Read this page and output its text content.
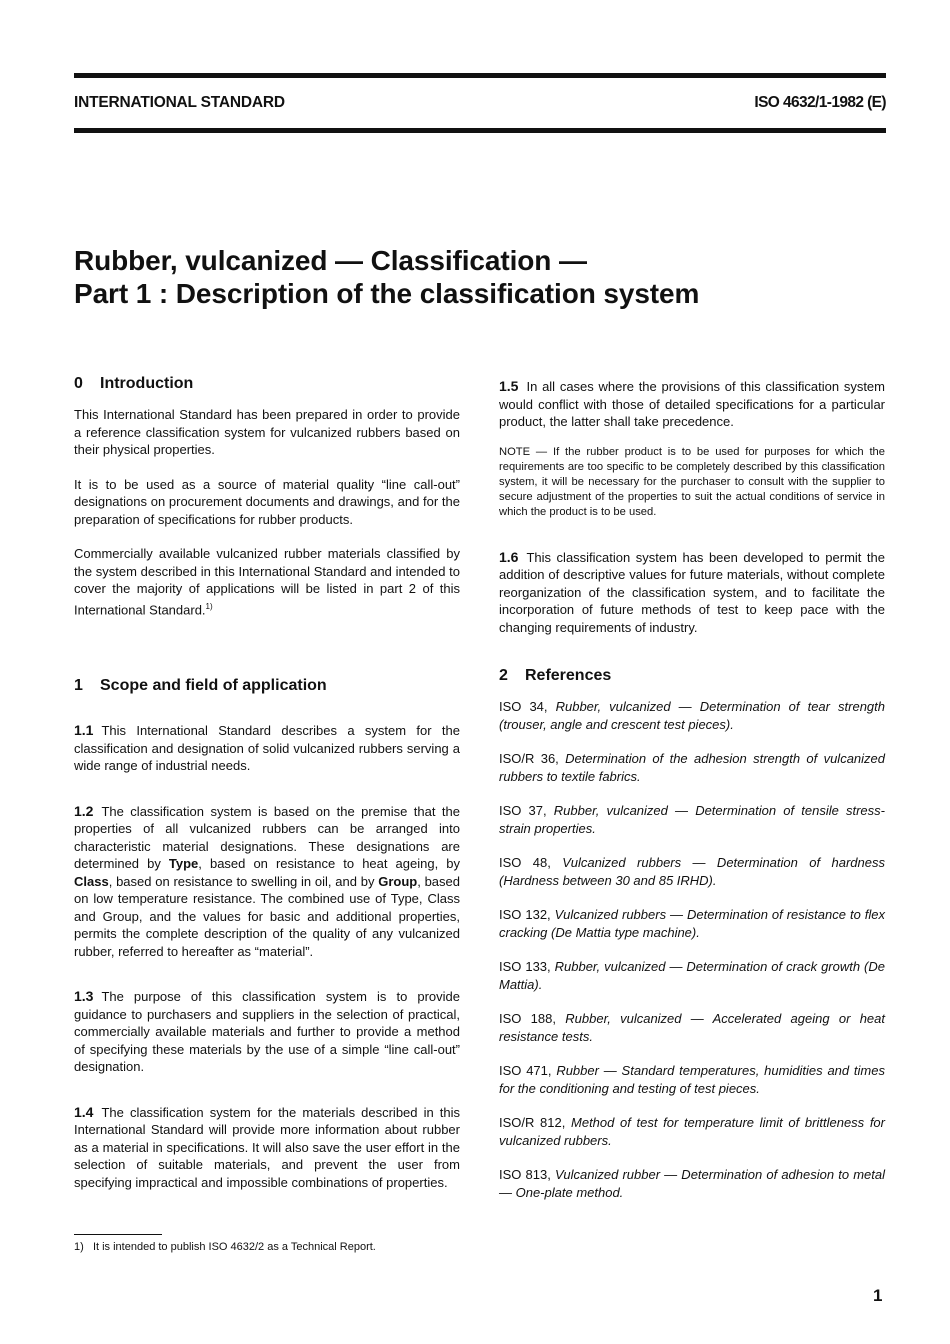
INTERNATIONAL STANDARD	ISO 4632/1-1982 (E)
Rubber, vulcanized — Classification —
Part 1 : Description of the classification system
0 Introduction

This International Standard has been prepared in order to provide a reference classification system for vulcanized rubbers based on their physical properties.

It is to be used as a source of material quality “line call-out” designations on procurement documents and drawings, and for the preparation of specifications for rubber products.

Commercially available vulcanized rubber materials classified by the system described in this International Standard and intended to cover the majority of applications will be listed in part 2 of this International Standard.$^{1)}$

1 Scope and field of application

1.1 This International Standard describes a system for the classification and designation of solid vulcanized rubbers serving a wide range of industrial needs.

1.2 The classification system is based on the premise that the properties of all vulcanized rubbers can be arranged into characteristic material designations. These designations are determined by Type, based on resistance to heat ageing, by Class, based on resistance to swelling in oil, and by Group, based on low temperature resistance. The combined use of Type, Class and Group, and the values for basic and additional properties, permits the complete description of the quality of any vulcanized rubber, referred to hereafter as “material”.

1.3 The purpose of this classification system is to provide guidance to purchasers and suppliers in the selection of practical, commercially available materials and further to provide a method of specifying these materials by the use of a simple “line call-out” designation.

1.4 The classification system for the materials described in this International Standard will provide more information about rubber as a material in specifications. It will also save the user effort in the selection of suitable materials, and prevent the user from specifying impractical and impossible combinations of properties.

1.5 In all cases where the provisions of this classification system would conflict with those of detailed specifications for a particular product, the latter shall take precedence.

NOTE — If the rubber product is to be used for purposes for which the requirements are too specific to be completely described by this classification system, it will be necessary for the purchaser to consult with the supplier to secure adjustment of the properties to suit the actual conditions of service in which the product is to be used.

1.6 This classification system has been developed to permit the addition of descriptive values for future materials, without complete reorganization of the classification system, and to facilitate the incorporation of future methods of test to keep pace with the changing requirements of industry.

2 References

ISO 34, Rubber, vulcanized — Determination of tear strength (trouser, angle and crescent test pieces).

ISO/R 36, Determination of the adhesion strength of vulcanized rubbers to textile fabrics.

ISO 37, Rubber, vulcanized — Determination of tensile stress-strain properties.

ISO 48, Vulcanized rubbers — Determination of hardness (Hardness between 30 and 85 IRHD).

ISO 132, Vulcanized rubbers — Determination of resistance to flex cracking (De Mattia type machine).

ISO 133, Rubber, vulcanized — Determination of crack growth (De Mattia).

ISO 188, Rubber, vulcanized — Accelerated ageing or heat resistance tests.

ISO 471, Rubber — Standard temperatures, humidities and times for the conditioning and testing of test pieces.

ISO/R 812, Method of test for temperature limit of brittleness for vulcanized rubbers.

ISO 813, Vulcanized rubber — Determination of adhesion to metal — One-plate method.

1)   It is intended to publish ISO 4632/2 as a Technical Report.
1
